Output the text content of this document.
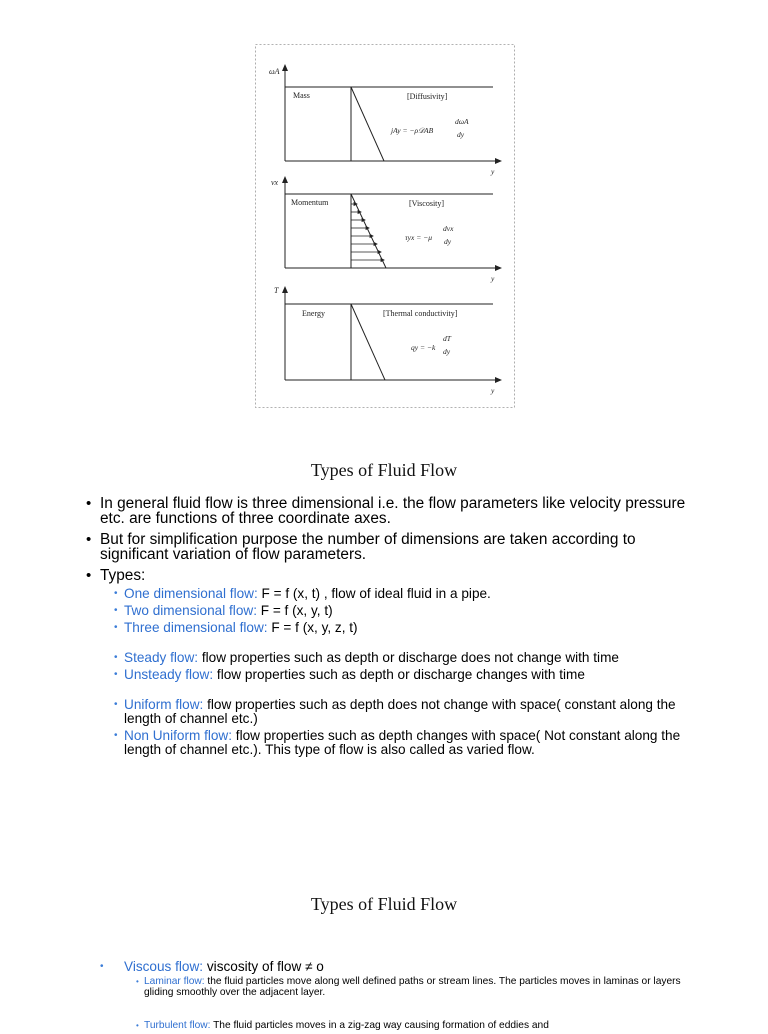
ωA
Mass	[Diffusivity]
jAy = −ρ𝒟AB
dωA
dy
y
vx
Momentum	[Viscosity]
τyx = −μ
dvx
dy
y
T
Energy	[Thermal conductivity]
qy = −k
dT
dy
y
Types of Fluid Flow
• In general fluid flow is three dimensional i.e. the flow parameters like velocity pressure etc. are functions of three coordinate axes.
• But for simplification purpose the number of dimensions are taken according to significant variation of flow parameters.
• Types:
• One dimensional flow: F = f (x, t) , flow of ideal fluid in a pipe.
• Two dimensional flow: F = f (x, y, t)
• Three dimensional flow: F = f (x, y, z, t)
• Steady flow: flow properties such as depth or discharge does not change with time
• Unsteady flow: flow properties such as depth or discharge changes with time
• Uniform flow: flow properties such as depth does not change with space( constant along the length of channel etc.)
• Non Uniform flow: flow properties such as depth changes with space( Not constant along the length of channel etc.). This type of flow is also called as varied flow.
Types of Fluid Flow
• Viscous flow: viscosity of flow ≠ o
• Laminar flow: the fluid particles move along well defined paths or stream lines. The particles moves in laminas or layers gliding smoothly over the adjacent layer.
• Turbulent flow: The fluid particles moves in a zig-zag way causing formation of eddies and
